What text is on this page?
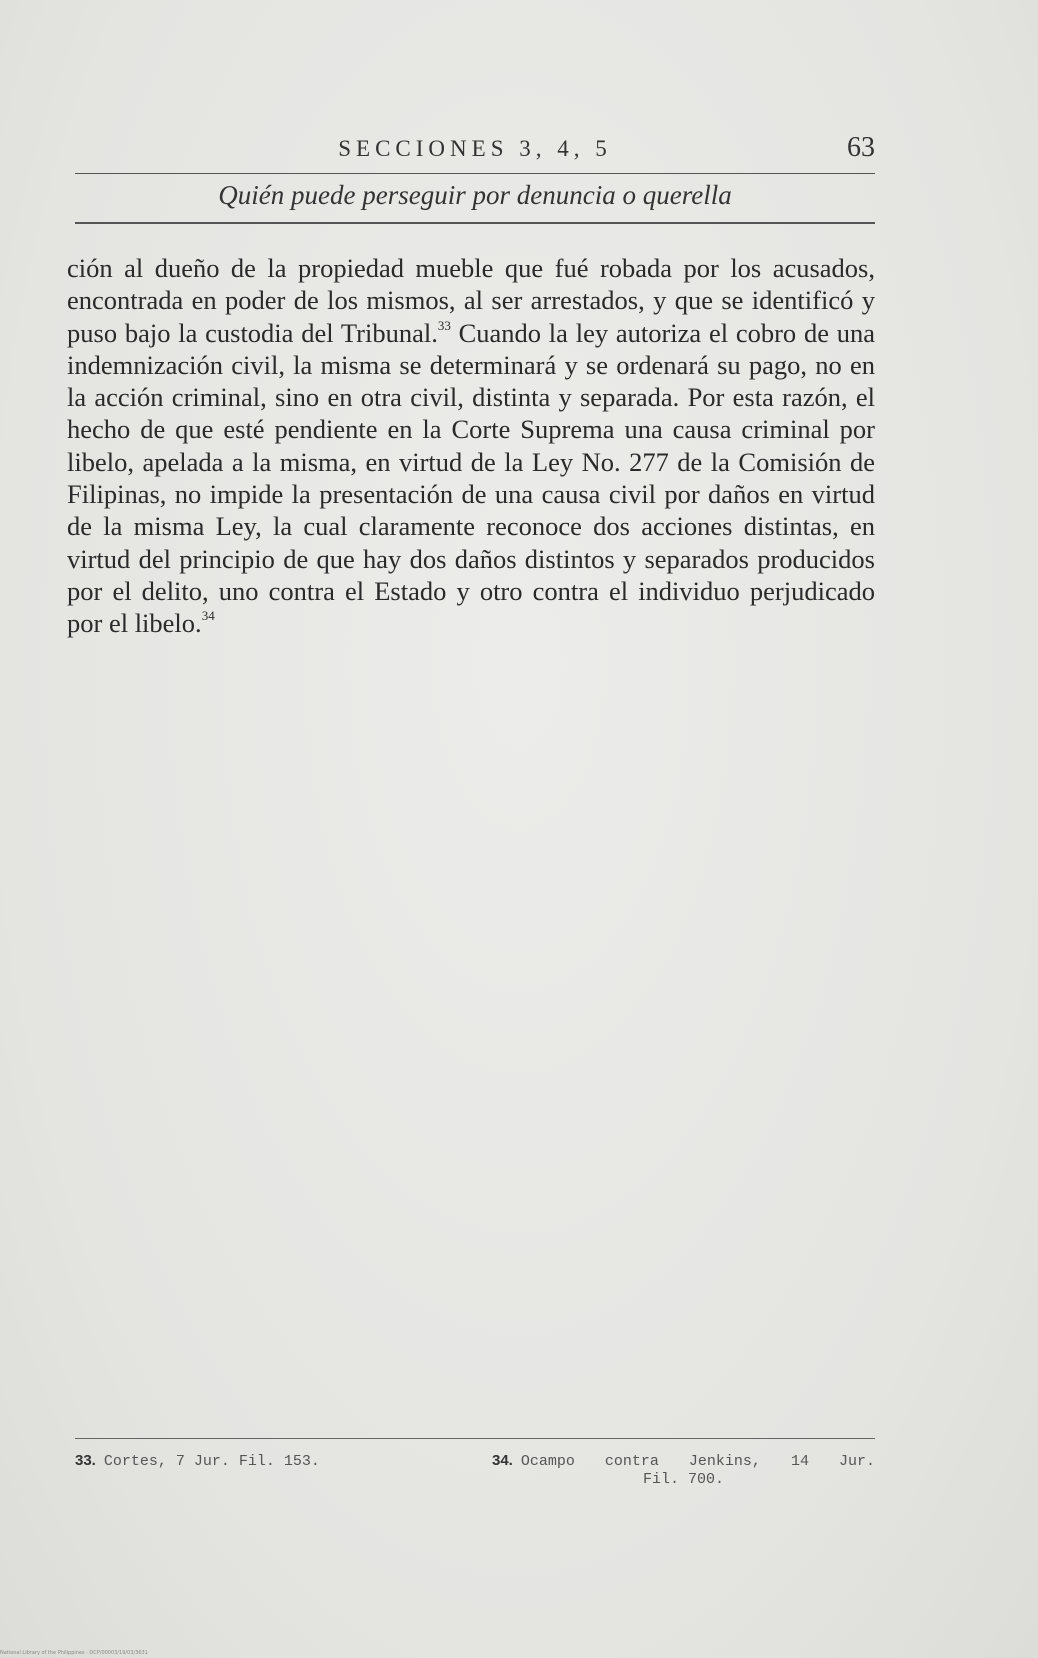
SECCIONES 3, 4, 5	63
Quién puede perseguir por denuncia o querella
ción al dueño de la propiedad mueble que fué robada por los acusados, encontrada en poder de los mismos, al ser arrestados, y que se identificó y puso bajo la custodia del Tribunal.$^{33}$ Cuando la ley autoriza el cobro de una indemnización civil, la misma se determinará y se ordenará su pago, no en la acción criminal, sino en otra civil, distinta y separada. Por esta razón, el hecho de que esté pendiente en la Corte Suprema una causa criminal por libelo, apelada a la misma, en virtud de la Ley No. 277 de la Comisión de Filipinas, no impide la presentación de una causa civil por daños en virtud de la misma Ley, la cual claramente reconoce dos acciones distintas, en virtud del principio de que hay dos daños distintos y separados producidos por el delito, uno contra el Estado y otro contra el individuo perjudicado por el libelo.$^{34}$
33. Cortes, 7 Jur. Fil. 153.	34. Ocampo contra Jenkins, 14 Jur.
Fil. 700.
National Library of the Philippines · DCP/00003/19/03/3631
